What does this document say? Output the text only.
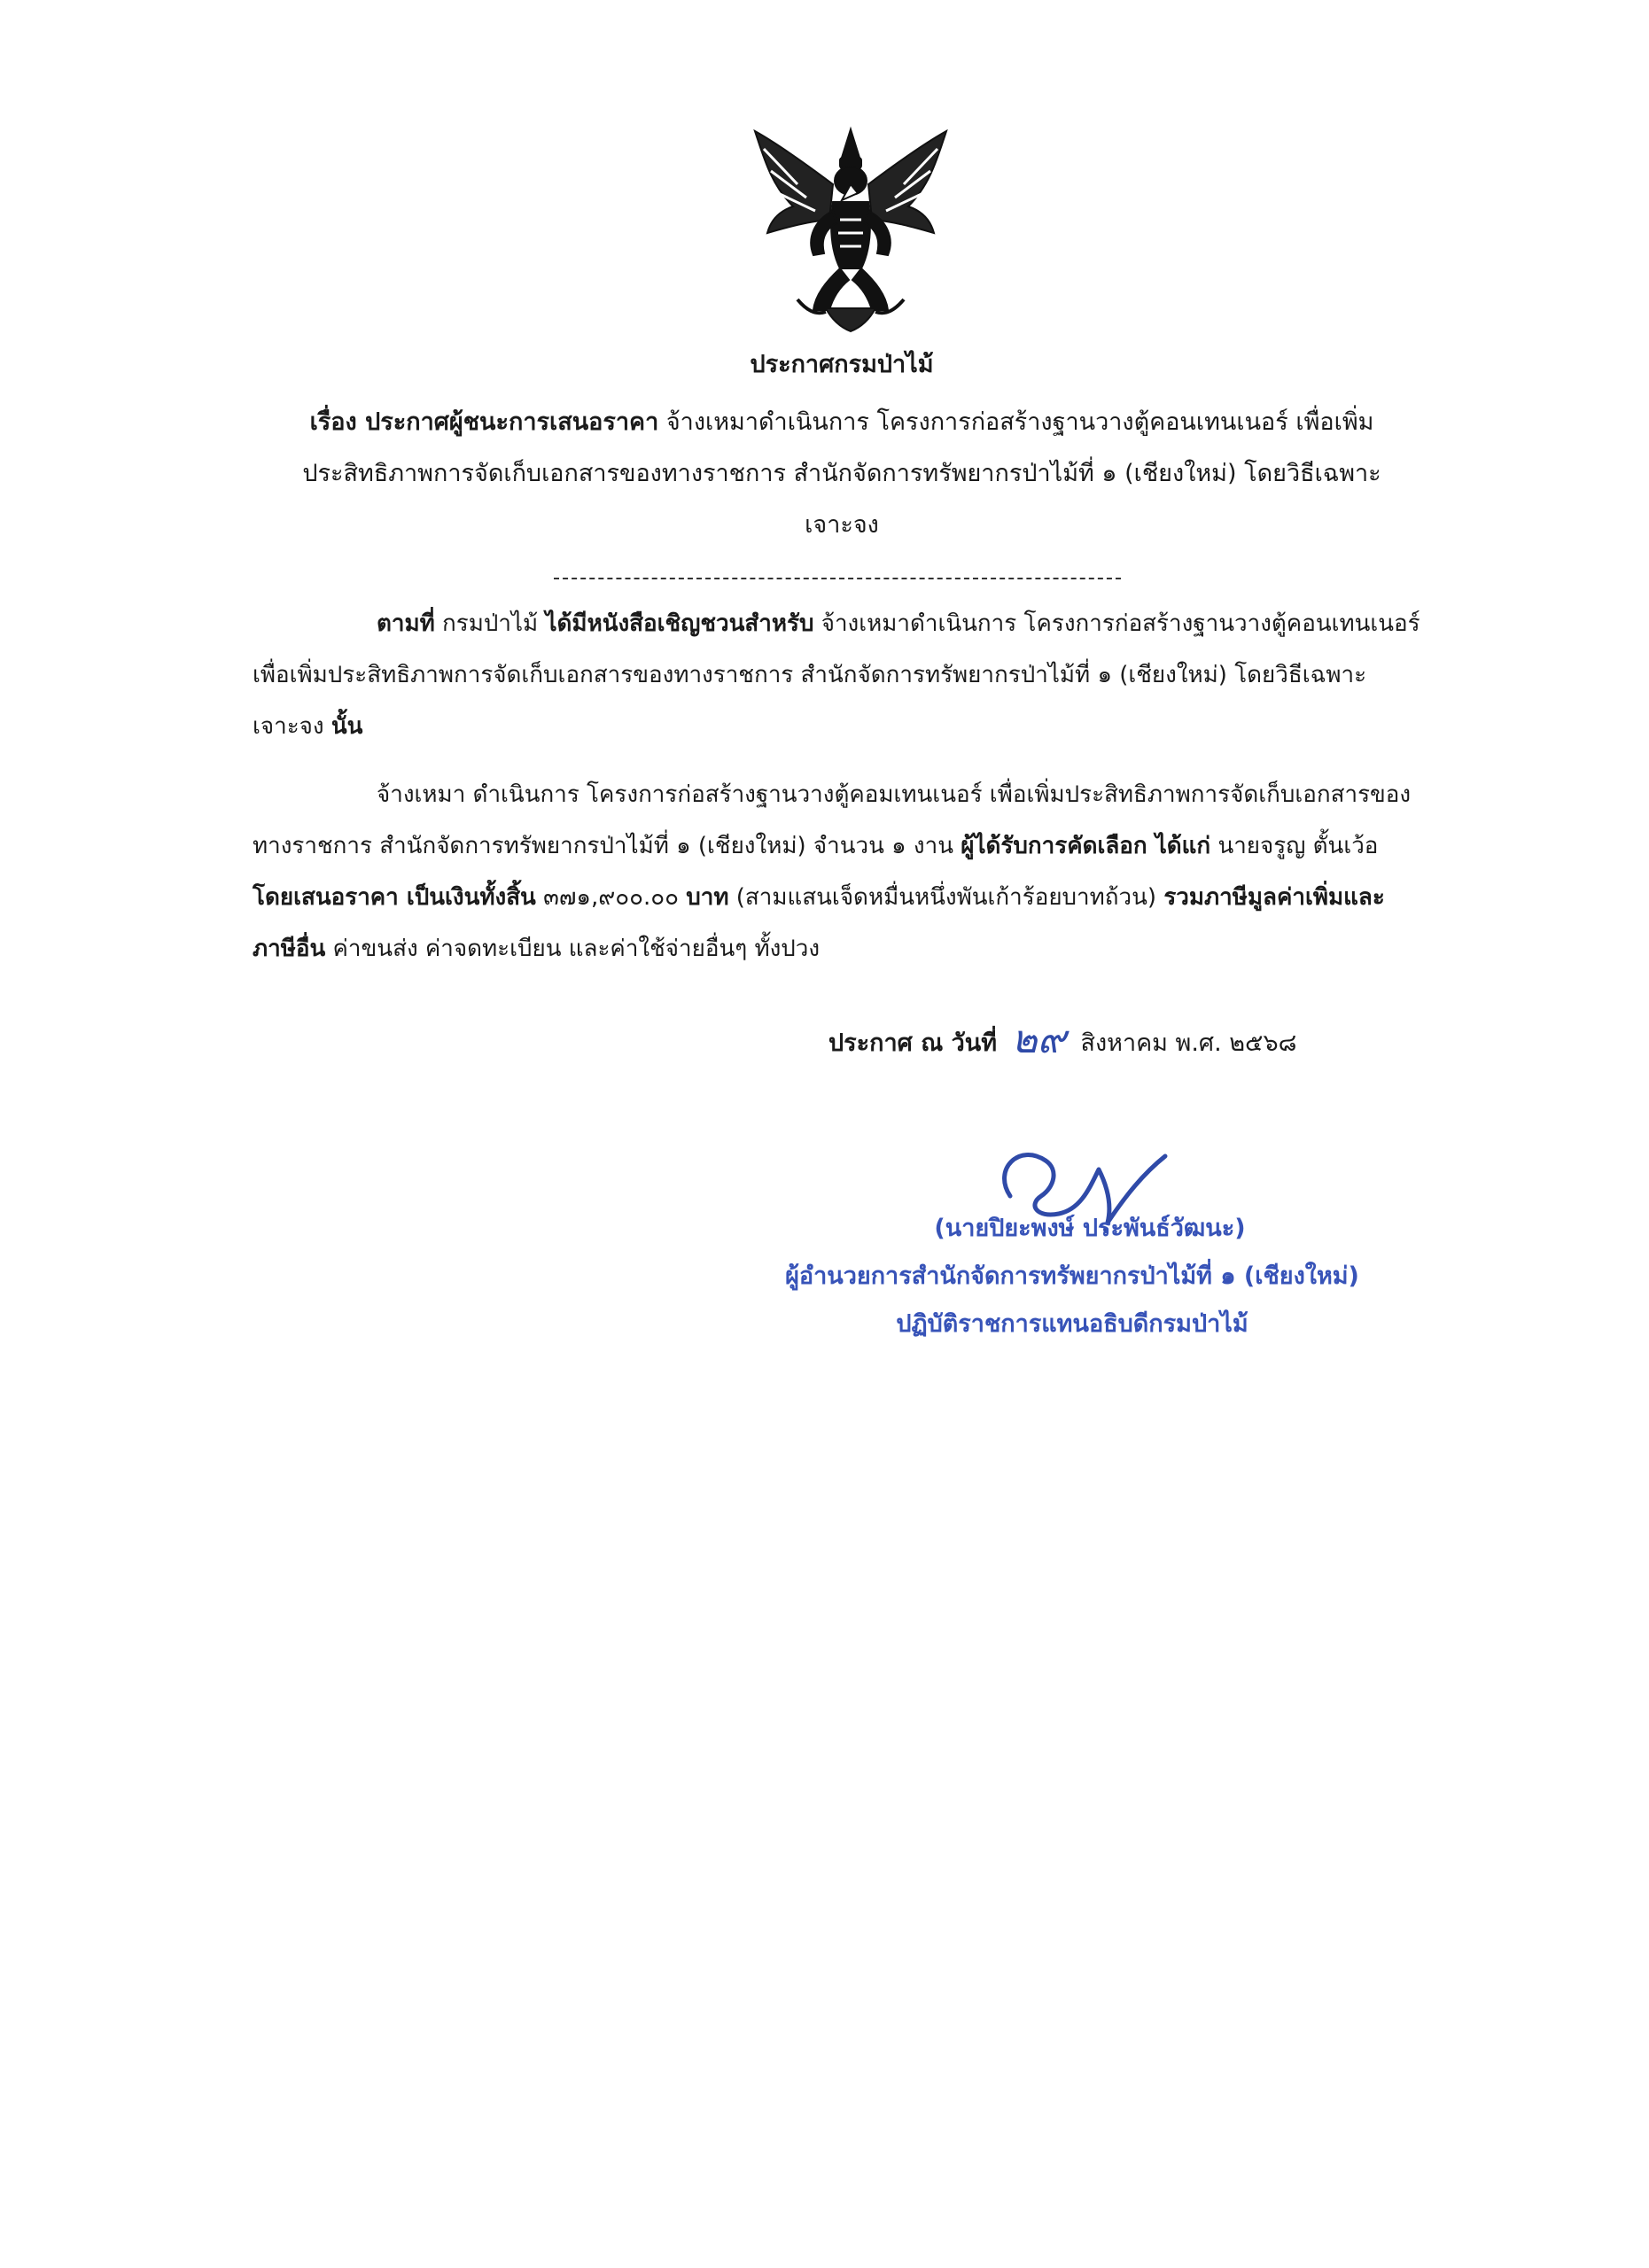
ประกาศกรมป่าไม้
เรื่อง ประกาศผู้ชนะการเสนอราคา จ้างเหมาดำเนินการ โครงการก่อสร้างฐานวางตู้คอนเทนเนอร์ เพื่อเพิ่มประสิทธิภาพการจัดเก็บเอกสารของทางราชการ สำนักจัดการทรัพยากรป่าไม้ที่ ๑ (เชียงใหม่) โดยวิธีเฉพาะเจาะจง
ตามที่ กรมป่าไม้ ได้มีหนังสือเชิญชวนสำหรับ จ้างเหมาดำเนินการ โครงการก่อสร้างฐานวางตู้คอนเทนเนอร์ เพื่อเพิ่มประสิทธิภาพการจัดเก็บเอกสารของทางราชการ สำนักจัดการทรัพยากรป่าไม้ที่ ๑ (เชียงใหม่) โดยวิธีเฉพาะเจาะจง นั้น
จ้างเหมา ดำเนินการ โครงการก่อสร้างฐานวางตู้คอมเทนเนอร์ เพื่อเพิ่มประสิทธิภาพการจัดเก็บเอกสารของทางราชการ สำนักจัดการทรัพยากรป่าไม้ที่ ๑ (เชียงใหม่) จำนวน ๑ งาน ผู้ได้รับการคัดเลือก ได้แก่ นายจรูญ ตั้นเว้อ โดยเสนอราคา เป็นเงินทั้งสิ้น ๓๗๑,๙๐๐.๐๐ บาท (สามแสนเจ็ดหมื่นหนึ่งพันเก้าร้อยบาทถ้วน) รวมภาษีมูลค่าเพิ่มและภาษีอื่น ค่าขนส่ง ค่าจดทะเบียน และค่าใช้จ่ายอื่นๆ ทั้งปวง
ประกาศ ณ วันที่ ๒๙ สิงหาคม พ.ศ. ๒๕๖๘
(นายปิยะพงษ์ ประพันธ์วัฒนะ)
ผู้อำนวยการสำนักจัดการทรัพยากรป่าไม้ที่ ๑ (เชียงใหม่)
ปฏิบัติราชการแทนอธิบดีกรมป่าไม้
